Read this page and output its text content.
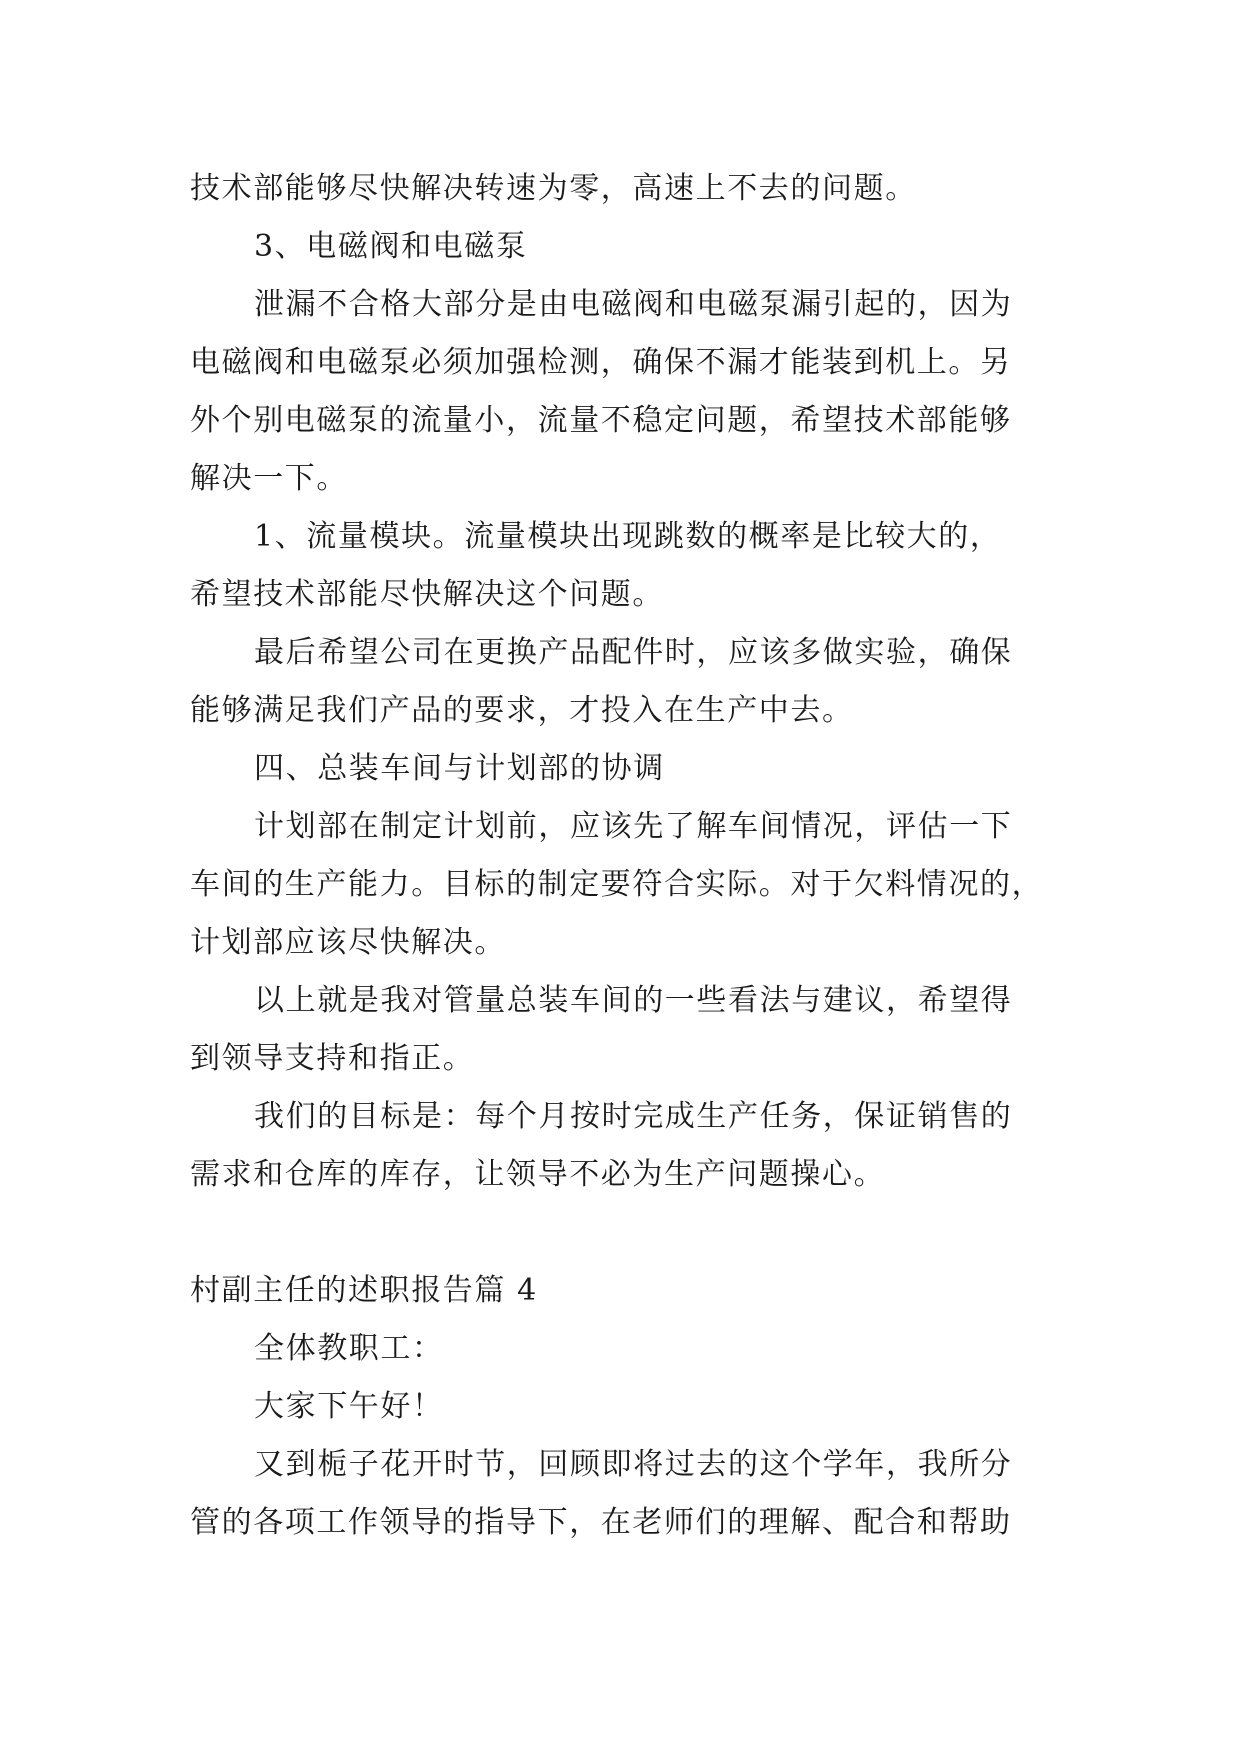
技术部能够尽快解决转速为零，高速上不去的问题。
3、电磁阀和电磁泵
泄漏不合格大部分是由电磁阀和电磁泵漏引起的，因为
电磁阀和电磁泵必须加强检测，确保不漏才能装到机上。另
外个别电磁泵的流量小，流量不稳定问题，希望技术部能够
解决一下。
1、流量模块。流量模块出现跳数的概率是比较大的，
希望技术部能尽快解决这个问题。
最后希望公司在更换产品配件时，应该多做实验，确保
能够满足我们产品的要求，才投入在生产中去。
四、总装车间与计划部的协调
计划部在制定计划前，应该先了解车间情况，评估一下
车间的生产能力。目标的制定要符合实际。对于欠料情况的，
计划部应该尽快解决。
以上就是我对管量总装车间的一些看法与建议，希望得
到领导支持和指正。
我们的目标是：每个月按时完成生产任务，保证销售的
需求和仓库的库存，让领导不必为生产问题操心。
村副主任的述职报告篇 4
全体教职工：
大家下午好！
又到栀子花开时节，回顾即将过去的这个学年，我所分
管的各项工作领导的指导下，在老师们的理解、配合和帮助
